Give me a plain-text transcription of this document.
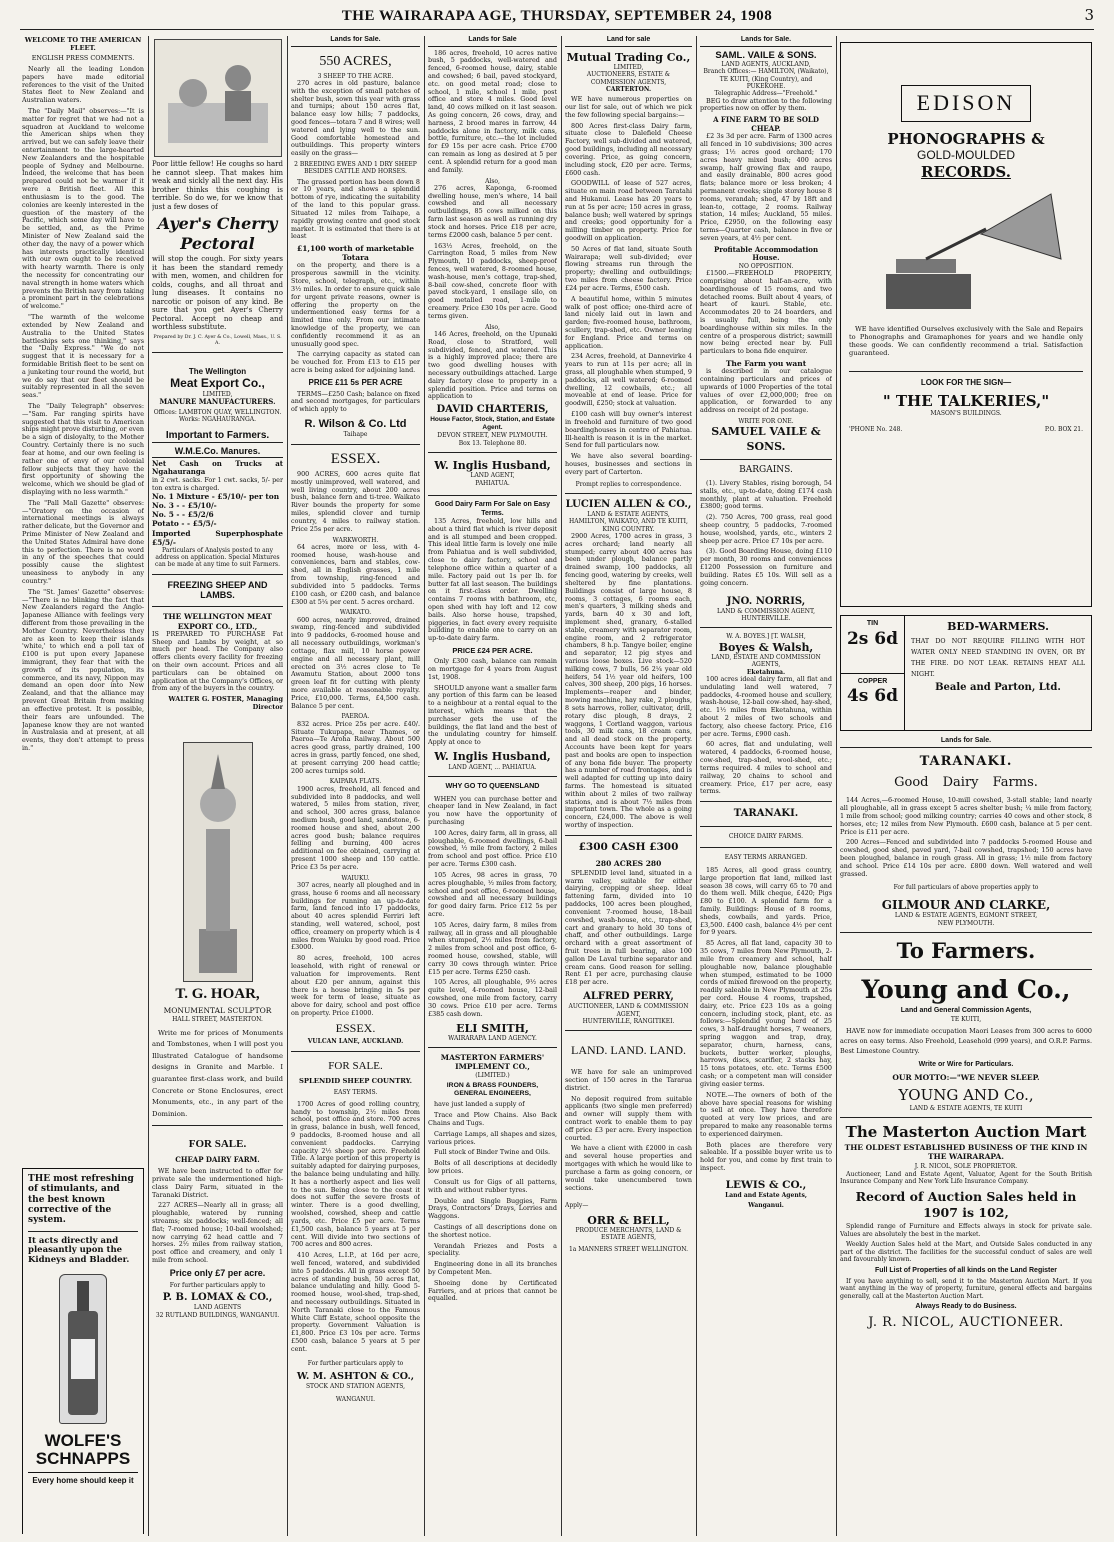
THE WAIRARAPA AGE, THURSDAY, SEPTEMBER 24, 1908	3
WELCOME TO THE AMERICAN FLEET.
ENGLISH PRESS COMMENTS.

Nearly all the leading London papers have made editorial references to the visit of the United States fleet to New Zealand and Australian waters.

The "Daily Mail" observes:—"It is matter for regret that we had not a squadron at Auckland to welcome the American ships when they arrived, but we can safely leave their entertainment to the large-hearted New Zealanders and the hospitable people of Sydney and Melbourne. Indeed, the welcome that has been prepared could not be warmer if it were a British fleet. All this enthusiasm is to the good. The colonies are keenly interested in the question of the mastery of the Pacific, which some day will have to be settled, and, as the Prime Minister of New Zealand said the other day, the navy of a power which has interests practically identical with our own ought to be received with hearty warmth. There is only the necessity for concentrating our naval strength in home waters which prevents the British navy from taking a prominent part in the celebrations of welcome."

"The warmth of the welcome extended by New Zealand and Australia to the United States battleships sets one thinking," says the "Daily Express." "We do not suggest that it is necessary for a formidable British fleet to be sent on a junketing tour round the world, but we do say that our fleet should be suitably represented in all the seven seas."

The "Daily Telegraph" observes:—"Sam. Far ranging spirits have suggested that this visit to American ships might prove disturbing, or even be a sign of disloyalty, to the Mother Country. Certainly there is no such fear at home, and our own feeling is rather one of envy of our colonial fellow subjects that they have the first opportunity of showing the welcome, which we should be glad of displaying with no less warmth."

The "Pall Mall Gazette" observes:—"Oratory on the occasion of international meetings is always rather delicate, but the Governor and Prime Minister of New Zealand and the United States Admiral have done this to perfection. There is no word in any of the speeches that could possibly cause the slightest uneasiness to anybody in any country."

The "St. James' Gazette" observes:—"There is no blinking the fact that New Zealanders regard the Anglo-Japanese Alliance with feelings very different from those prevailing in the Mother Country. Nevertheless they are as keen to keep their islands 'white,' to which end a poll tax of £100 is put upon every Japanese immigrant, they fear that with the growth of its population, its commerce, and its navy, Nippon may demand an open door into New Zealand, and that the alliance may prevent Great Britain from making an effective protest. It is possible, their fears are unfounded. The Japanese know they are not wanted in Australasia and at present, at all events, they don't attempt to press in."

THE most refreshing of stimulants, and the best known corrective of the system.
It acts directly and pleasantly upon the Kidneys and Bladder.
WOLFE'S SCHNAPPS
Every home should keep it

Poor little fellow! He coughs so hard he cannot sleep. That makes him weak and sickly all the next day. His brother thinks this coughing is terrible. So do we, for we know that just a few doses of

Ayer's Cherry Pectoral

will stop the cough. For sixty years it has been the standard remedy with men, women, and children for colds, coughs, and all throat and lung diseases. It contains no narcotic or poison of any kind. Be sure that you get Ayer's Cherry Pectoral. Accept no cheap and worthless substitute.

Prepared by Dr. J. C. Ayer & Co., Lowell, Mass., U. S. A.
The Wellington
Meat Export Co.,
LIMITED,
MANURE MANUFACTURERS.
Offices: LAMBTON QUAY, WELLINGTON. Works: NGAHAURANGA.
Important to Farmers.
W.M.E.Co. Manures.
Net Cash on Trucks at Ngahauranga
in 2 cwt. sacks. For 1 cwt. sacks, 5/- per ton extra is charged.
No. 1 Mixture - £5/10/- per ton
No. 3 - - £5/10/-
No. 5 - - £5/2/6
Potato - - £5/5/-
Imported Superphosphate £5/5/-
Particulars of Analysis posted to any address on application. Special Mixtures can be made at any time to suit Farmers.
FREEZING SHEEP AND LAMBS.
THE WELLINGTON MEAT EXPORT CO., LTD.,

IS PREPARED TO PURCHASE Fat Sheep and Lambs by weight, at so much per head. The Company also offers clients every facility for freezing on their own account. Prices and all particulars can be obtained on application at the Company's Offices, or from any of the buyers in the country.

WALTER G. FOSTER, Managing Director
T. G. HOAR,
MONUMENTAL SCULPTOR
HALL STREET, MASTERTON.

Write me for prices of Monuments and Tombstones, when I will post you Illustrated Catalogue of handsome designs in Granite and Marble. I guarantee first-class work, and build Concrete or Stone Enclosures, erect Monuments, etc., in any part of the Dominion.

FOR SALE.
CHEAP DAIRY FARM.

WE have been instructed to offer for private sale the undermentioned high-class Dairy Farm, situated in the Taranaki District.

227 ACRES—Nearly all in grass; all ploughable, watered by running streams; six paddocks; well-fenced; all flat; 7-roomed house; 10-bail woolshed; now carrying 62 head cattle and 7 horses. 2½ miles from railway station, post office and creamery, and only 1 mile from school.

Price only £7 per acre.
For further particulars apply to
P. B. LOMAX & CO.,
LAND AGENTS
32 RUTLAND BUILDINGS, WANGANUI.
Lands for Sale.
550 ACRES,
3 SHEEP TO THE ACRE.

270 acres in old pasture, balance with the exception of small patches of shelter bush, sown this year with grass and turnips; about 150 acres flat, balance easy low hills; 7 paddocks, good fences—totara 7 and 8 wires; well watered and lying well to the sun. Good comfortable homestead and outbuildings. This property winters easily on the grass—

2 BREEDING EWES AND 1 DRY SHEEP BESIDES CATTLE AND HORSES.

The grassed portion has been down 8 or 10 years, and shows a splendid bottom of rye, indicating the suitability of the land to this popular grass. Situated 12 miles from Taihape, a rapidly growing centre and good stock market. It is estimated that there is at least

£1,100 worth of marketable Totara

on the property, and there is a prosperous sawmill in the vicinity. Store, school, telegraph, etc., within 3½ miles. In order to ensure quick sale for urgent private reasons, owner is offering the property on the undermentioned easy terms for a limited time only. From our intimate knowledge of the property, we can confidently recommend it as an unusually good spec.

The carrying capacity as stated can be vouched for. From £13 to £15 per acre is being asked for adjoining land.

PRICE £11 5s PER ACRE

TERMS—£250 Cash; balance on fixed and second mortgages, for particulars of which apply to

R. Wilson & Co. Ltd
Taihape
ESSEX.

900 ACRES, 600 acres quite flat mostly unimproved, well watered, and well living country, about 200 acres bush, balance fern and ti-tree. Waikato River bounds the property for some miles, splendid clover and turnip country, 4 miles to railway station. Price 25s per acre.

WARKWORTH.

64 acres, more or less, with 4-roomed house, wash-house and conveniences, barn and stables, cow-shed, all in English grasses, 1 mile from township, ring-fenced and subdivided into 5 paddocks. Terms £100 cash, or £200 cash, and balance £300 at 5¼ per cent. 5 acres orchard.

WAIKATO.

600 acres, nearly improved, drained swamp, ring-fenced and subdivided into 9 paddocks, 6-roomed house and all necessary outbuildings, workman's cottage, flax mill, 10 horse power engine and all necessary plant, mill erected on 3½ acres close to Te Awamutu Station, about 2000 tons green leaf fit for cutting with plenty more available at reasonable royalty. Price, £10,000. Terms, £4,500 cash. Balance 5 per cent.

PAEROA.

832 acres. Price 25s per acre. £40/. Situate Tukupapa, near Thames, or Paeroa—Te Aroha Railway. About 500 acres good grass, partly drained, 100 acres in grass, partly fenced, one shed, at present carrying 200 head cattle; 200 acres turnips sold.

KAIPARA FLATS.

1900 acres, freehold, all fenced and subdivided into 8 paddocks, and well watered, 5 miles from station, river, and school, 300 acres grass, balance medium bush, good land, sandstone, 6-roomed house and shed, about 200 acres good bush; balance requires felling and burning, 400 acres additional on fee obtained, carrying at present 1000 sheep and 150 cattle. Price £3 5s per acre.

WAIUKU.

307 acres, nearly all ploughed and in grass, house 6 rooms and all necessary buildings for running an up-to-date farm, land fenced into 17 paddocks, about 40 acres splendid Ferriri left standing, well watered, school, post office, creamery on property which is 4 miles from Waiuku by good road. Price £3000.

80 acres, freehold, 100 acres leasehold, with right of renewal or valuation for improvements. Rent about £20 per annum, against this there is a house bringing in 5s per week for term of lease, situate as above for dairy, school and post office on property. Price £1000.

ESSEX.
VULCAN LANE, AUCKLAND.
FOR SALE.
SPLENDID SHEEP COUNTRY.
EASY TERMS.

1700 Acres of good rolling country, handy to township, 2½ miles from school, post office and store. 700 acres in grass, balance in bush, well fenced, 9 paddocks, 8-roomed house and all convenient paddocks. Carrying capacity 2½ sheep per acre. Freehold Title. A large portion of this property is suitably adapted for dairying purposes, the balance being undulating and hilly. It has a northerly aspect and lies well to the sun. Being close to the coast it does not suffer the severe frosts of winter. There is a good dwelling, woolshed, cowshed, sheep and cattle yards, etc. Price £5 per acre. Terms £1,500 cash, balance 5 years at 5 per cent. Will divide into two sections of 700 acres and 800 acres.

410 Acres, L.I.P., at 16d per acre, well fenced, watered, and subdivided into 5 paddocks. All in grass except 50 acres of standing bush, 50 acres flat, balance undulating and hilly. Good 5-roomed house, wool-shed, trap-shed, and necessary outbuildings. Situated in North Taranaki close to the Famous White Cliff Estate, school opposite the property. Government Valuation is £1,800. Price £3 10s per acre. Terms £500 cash, balance 5 years at 5 per cent.

For further particulars apply to
W. M. ASHTON & CO.,
STOCK AND STATION AGENTS,
WANGANUI.
Lands for Sale

186 acres, freehold, 10 acres native bush, 5 paddocks, well-watered and fenced, 6-roomed house, dairy, stable and cowshed; 6 bail, paved stockyard, etc. on good metal road; close to school, 1 mile, school 1 mile, post office and store 4 miles. Good level land, 40 cows milked on it last season. As going concern, 26 cows, dray, and harness, 2 brood mares in farrow, 44 paddocks alone in factory, milk cans, bottle, furniture, etc.—the lot included for £9 15s per acre cash. Price £700 can remain as long as desired at 5 per cent. A splendid return for a good man and family.

Also,

276 acres, Kaponga, 6-roomed dwelling house, men's where, 14 bail cowshed and all necessary outbuildings, 85 cows milked on this farm last season as well as running dry stock and horses. Price £18 per acre, terms £2000 cash, balance 5 per cent.

163½ Acres, freehold, on the Carrington Road, 5 miles from New Plymouth, 10 paddocks, sheep-proof fences, well watered, 8-roomed house, wash-house, men's cottage, trap-shed, 8-bail cow-shed, concrete floor with paved stock-yard, 1 ensilage silo, on good metalled road, 1-mile to creamery. Price £30 10s per acre. Good terms given.

Also,

146 Acres, freehold, on the Upunaki Road, close to Stratford, well subdivided, fenced, and watered. This is a highly improved place; there are two good dwelling houses with necessary outbuildings attached. Large dairy factory close to property in a splendid position. Price and terms on application to

DAVID CHARTERIS,
House Factor, Stock, Station, and Estate Agent.
DEVON STREET, NEW PLYMOUTH.
Box 13. Telephone 80.
W. Inglis Husband,
LAND AGENT,
PAHIATUA.
Good Dairy Farm For Sale on Easy Terms.

135 Acres, freehold, low hills and about a third flat which is river deposit and is all stumped and been cropped. This ideal little farm is lovely one mile from Pahiatua and is well subdivided, close to dairy factory, school and telephone office within a quarter of a mile. Factory paid out 1s per lb. for butter fat all last season. The buildings on it first-class order. Dwelling contains 7 rooms with bathroom, etc, open shed with hay loft and 12 cow bails. Also horse house, trapshed, piggeries, in fact every every requisite building to enable one to carry on an up-to-date dairy farm.

PRICE £24 PER ACRE.

Only £300 cash, balance can remain on mortgage for 4 years from August 1st, 1908.

SHOULD anyone want a smaller farm any portion of this farm can be leased to a neighbour at a rental equal to the interest, which means that the purchaser gets the use of the buildings, the flat land and the best of the undulating country for himself. Apply at once to

W. Inglis Husband,
LAND AGENT, ... PAHIATUA.
WHY GO TO QUEENSLAND

WHEN you can purchase better and cheaper land in New Zealand, in fact you now have the opportunity of purchasing

100 Acres, dairy farm, all in grass, all ploughable, 6-roomed dwellings, 6-bail cowshed, ½ mile from factory, 2 miles from school and post office. Price £10 per acre. Terms £300 cash.

105 Acres, 98 acres in grass, 70 acres ploughable, ½ miles from factory, school and post office, 6-roomed house, cowshed and all necessary buildings for good dairy farm. Price £12 5s per acre.

105 Acres, dairy farm, 8 miles from railway, all in grass and all ploughable when stumped, 2½ miles from factory, 2 miles from school and post office, 6-roomed house, cowshed, stable, will carry 30 cows through winter. Price £15 per acre. Terms £250 cash.

105 Acres, all ploughable, 9½ acres quite level, 4-roomed house, 12-bail cowshed, one mile from factory, carry 30 cows. Price £10 per acre. Terms £385 cash down.

ELI SMITH,
WAIRARAPA LAND AGENCY.
MASTERTON FARMERS' IMPLEMENT CO.,
(LIMITED.)
IRON & BRASS FOUNDERS,
GENERAL ENGINEERS,

have just landed a supply of

Trace and Plow Chains. Also Back Chains and Tugs.

Carriage Lamps, all shapes and sizes, various prices.

Full stock of Binder Twine and Oils.

Bolts of all descriptions at decidedly low prices.

Consult us for Gigs of all patterns, with and without rubber tyres.

Double and Single Buggies, Farm Drays, Contractors' Drays, Lorries and Waggons.

Castings of all descriptions done on the shortest notice.

Verandah Friezes and Posts a speciality.

Engineering done in all its branches by Competent Men.

Shoeing done by Certificated Farriers, and at prices that cannot be equalled.

Land for sale
Mutual Trading Co.,
LIMITED,
AUCTIONEERS, ESTATE & COMMISSION AGENTS,
CARTERTON.

WE have numerous properties on our list for sale, out of which we pick the few following special bargains:—

800 Acres first-class Dairy farm, situate close to Dalefield Cheese Factory, well sub-divided and watered, good buildings, including all necessary covering. Price, as going concern, including stock, £20 per acre. Terms, £600 cash.

GOODWILL of lease of 527 acres, situate on main road between Taratahi and Hukanui. Lease has 20 years to run at 5s per acre; 150 acres in grass, balance bush; well watered by springs and creeks; good opportunity for a milling timber on property. Price for goodwill on application.

50 Acres of flat land, situate South Wairarapa; well sub-divided; ever flowing streams run through the property; dwelling and outbuildings; two miles from cheese factory. Price £24 per acre. Terms, £500 cash.

A beautiful home, within 5 minutes walk of post office; one-third acre of land nicely laid out in lawn and garden; five-roomed house, bathroom, scullery, trap-shed, etc. Owner leaving for England. Price and terms on application.

234 Acres, freehold, at Dannevirke 4 years to run at 11s per acre; all in grass, all ploughable when stumped, 9 paddocks, all well watered; 6-roomed dwelling, 12 cowbails, etc.; all moveable at end of lease. Price for goodwill, £250; stock at valuation.

£100 cash will buy owner's interest in freehold and furniture of two good boardinghouses in centre of Pahiatua. Ill-health is reason it is in the market. Send for full particulars now.

We have also several boarding-houses, businesses and sections in every part of Carterton.

Prompt replies to correspondence.
LUCIEN ALLEN & CO.,
LAND & ESTATE AGENTS,
HAMILTON, WAIKATO, AND TE KUITI, KING COUNTRY.

2900 Acres, 1700 acres in grass, 3 acres orchard; land nearly all stumped; carry about 400 acres has been under plough, balance partly drained swamp, 100 paddocks, all fencing good, watering by creeks, well sheltered by fine plantations. Buildings consist of large house, 8 rooms, 3 cottages, 6 rooms each, men's quarters, 3 milking sheds and yards, barn 40 x 30 and loft, implement shed, granary, 6-stalled stable, creamery with separator room, engine room, and 2 refrigerator chambers, 8 h.p. Tangye boiler, engine and separator, 12 pig styes and various loose boxes. Live stock—520 milking cows, 7 bulls, 56 2¼ year old heifers, 54 1½ year old heifers, 100 calves, 300 sheep, 200 pigs, 16 horses. Implements—reaper and binder, mowing machine, hay rake, 2 ploughs, 8 sets harrows, roller, cultivator, drill, rotary disc plough, 8 drays, 2 waggons, 1 Cortland waggon, various tools, 30 milk cans, 18 cream cans, and all dead stock on the property. Accounts have been kept for years past and books are open to inspection of any bona fide buyer. The property has a number of road frontages, and is well adapted for cutting up into dairy farms. The homestead is situated within about 2 miles of two railway stations, and is about 7½ miles from important town. The whole as a going concern, £24,000. The above is well worthy of inspection.

£300 CASH £300
280 ACRES 280

SPLENDID level land, situated in a warm valley, suitable for either dairying, cropping or sheep. Ideal fattening farm, divided into 10 paddocks, 100 acres been ploughed, convenient 7-roomed house, 18-bail cowshed, wash-house, etc., trap-shed, cart and granary to hold 30 tons of chaff, and other outbuildings. Large orchard with a great assortment of fruit trees in full bearing, also 100 gallon De Laval turbine separator and cream cans. Good reason for selling. Rent £1 per acre, purchasing clause £18 per acre.

ALFRED PERRY,
AUCTIONEER, LAND & COMMISSION AGENT,
HUNTERVILLE, RANGITIKEI.
LAND. LAND. LAND.

WE have for sale an unimproved section of 150 acres in the Tararua district.

No deposit required from suitable applicants (two single men preferred) and owner will supply them with contract work to enable them to pay off price £3 per acre. Every inspection courted.

We have a client with £2000 in cash and several house properties and mortgages with which he would like to purchase a farm as going concern, or would take unencumbered town sections.

Apply—
ORR & BELL,
PRODUCE MERCHANTS, LAND & ESTATE AGENTS,
1a MANNERS STREET WELLINGTON.
Lands for Sale.
SAML. VAILE & SONS.
LAND AGENTS, AUCKLAND,
Branch Offices:— HAMILTON, (Waikato), TE KUITI, (King Country), and PUKEKOHE.
Telegraphic Address—"Freehold."

BEG to draw attention to the following properties now on offer by them.

A FINE FARM TO BE SOLD CHEAP.

£2 3s 3d per acre. Farm of 1300 acres all fenced in 10 subdivisions; 300 acres grass; 1½ acres good orchard; 170 acres heavy mixed bush; 400 acres swamp, half growing flax and raupo, and easily drainable, 800 acres good flats; balance more or less broken; 4 permanent creeks; single storey house 8 rooms, verandah; shed, 47 by 18ft and lean-to, cottage, 2 rooms. Railway station, 14 miles; Auckland, 55 miles. Price, £2950, on the following easy terms—Quarter cash, balance in five or seven years, at 4½ per cent.

Profitable Accommodation House.
NO OPPOSITION.

£1500.—FREEHOLD PROPERTY, comprising about half-an-acre, with boardinghouse of 15 rooms, and two detached rooms. Built about 4 years, of heart of kauri. Stable, etc. Accommodates 20 to 24 boarders, and is usually full, being the only boardinghouse within six miles. In the centre of a prosperous district; sawmill now being erected near by. Full particulars to bona fide enquirer.

The Farm you want

is described in our catalogue containing particulars and prices of upwards of 1000 Properties of the total values of over £2,000,000; free on application, or forwarded to any address on receipt of 2d postage.

WRITE FOR ONE.
SAMUEL VAILE & SONS.
BARGAINS.

(1). Livery Stables, rising borough, 54 stalls, etc., up-to-date, doing £174 cash monthly, plant at valuation. Freehold £3800; good terms.

(2). 750 Acres, 700 grass, real good sheep country, 5 paddocks, 7-roomed house, woolshed, yards, etc., winters 2 sheep per acre. Price £7 10s per acre.

(3). Good Boarding House, doing £110 per month, 30 rooms and conveniences £1200 Possession on furniture and building. Rates £5 10s. Will sell as a going concern.

JNO. NORRIS,
LAND & COMMISSION AGENT,
HUNTERVILLE.
W. A. BOYES.] [T. WALSH,
Boyes & Walsh,
LAND, ESTATE AND COMMISSION AGENTS,
Eketahuna.

100 acres ideal dairy farm, all flat and undulating land well watered, 7 paddocks, 4-roomed house and scullery, wash-house, 12-bail cow-shed, hay-shed, etc. 1½ miles from Eketahuna, within about 2 miles of two schools and factory, also cheese factory. Price, £16 per acre. Terms, £900 cash.

60 acres, flat and undulating, well watered, 4 paddocks, 6-roomed house, cow-shed, trap-shed, wool-shed, etc.; terms required. 4 miles to school and railway, 20 chains to school and creamery. Price, £17 per acre, easy terms.

TARANAKI.
CHOICE DAIRY FARMS.
EASY TERMS ARRANGED.

185 Acres, all good grass country, large proportion flat land, milked last season 38 cows, will carry 65 to 70 and do them well. Milk cheque, £420; Pigs £80 to £100. A splendid farm for a family. Buildings: House of 8 rooms, sheds, cowbails, and yards. Price, £3,500. £400 cash, balance 4½ per cent for 9 years.

85 Acres, all flat land, capacity 30 to 35 cows, 7 miles from New Plymouth, 2-mile from creamery and school, half ploughable now, balance ploughable when stumped, estimated to be 1000 cords of mixed firewood on the property, readily saleable in New Plymouth at 25s per cord. House 4 rooms, trapshed, dairy, etc. Price £23 10s as a going concern, including stock, plant, etc. as follows:—Splendid young herd of 25 cows, 3 half-draught horses, 7 weaners, spring waggon and trap, dray, separator, churn, harness, cans, buckets, butter worker, ploughs, harrows, discs, scarifier, 2 stacks hay, 15 tons potatoes, etc. etc. Terms £500 cash; or a competent man will consider giving easier terms.

NOTE.—The owners of both of the above have special reasons for wishing to sell at once. They have therefore quoted at very low prices, and are prepared to make any reasonable terms to experienced dairymen.

Both places are therefore very saleable. If a possible buyer write us to hold for you, and come by first train to inspect.

LEWIS & CO.,
Land and Estate Agents,
Wanganui.
EDISON
PHONOGRAPHS &
GOLD-MOULDED
RECORDS.

WE have identified Ourselves exclusively with the Sale and Repairs to Phonographs and Gramaphones for years and we handle only these goods. We can confidently recommend a trial. Satisfaction guaranteed.

LOOK FOR THE SIGN—
" THE TALKERIES,"
MASON'S BUILDINGS.
'PHONE No. 248.	P.O. BOX 21.
TIN
2s 6d
COPPER
4s 6d
BED-WARMERS.
THAT DO NOT REQUIRE FILLING WITH HOT WATER ONLY NEED STANDING IN OVEN, OR BY THE FIRE. DO NOT LEAK. RETAINS HEAT ALL NIGHT.
Beale and Parton, Ltd.
Lands for Sale.
TARANAKI.
Good Dairy Farms.

144 Acres,—6-roomed House, 10-mill cowshed, 3-stall stable; land nearly all ploughable, all in grass except 5 acres shelter bush; ¼ mile from factory, 1 mile from school; good milking country; carries 40 cows and other stock, 8 horses, etc; 12 miles from New Plymouth. £600 cash, balance at 5 per cent. Price is £11 per acre.

200 Acres—Fenced and subdivided into 7 paddocks 5-roomed House and cowshed, good shed, paved yard, 7-bail cowshed, trapshed; 150 acres have been ploughed, balance in rough grass. All in grass; 1½ mile from factory and school. Price £14 10s per acre. £800 down. Well watered and well grassed.

For full particulars of above properties apply to
GILMOUR AND CLARKE,
LAND & ESTATE AGENTS, EGMONT STREET,
NEW PLYMOUTH.
To Farmers.
Young and Co.,
Land and General Commission Agents,
TE KUITI,

HAVE now for immediate occupation Maori Leases from 300 acres to 6000 acres on easy terms. Also Freehold, Leasehold (999 years), and O.R.P. Farms. Best Limestone Country.

Write or Wire for Particulars.
OUR MOTTO:—"WE NEVER SLEEP.
YOUNG AND Co.,
LAND & ESTATE AGENTS, TE KUITI
The Masterton Auction Mart
THE OLDEST ESTABLISHED BUSINESS OF THE KIND IN THE WAIRARAPA.
J. R. NICOL, SOLE PROPRIETOR.

Auctioneer, Land and Estate Agent, Valuator, Agent for the South British Insurance Company and New York Life Insurance Company.

Record of Auction Sales held in 1907 is 102,

Splendid range of Furniture and Effects always in stock for private sale. Values are absolutely the best in the market.

Weekly Auction Sales held at the Mart, and Outside Sales conducted in any part of the district. The facilities for the successful conduct of sales are well and favourably known.

Full List of Properties of all kinds on the Land Register

If you have anything to sell, send it to the Masterton Auction Mart. If you want anything in the way of property, furniture, general effects and bargains generally, call at the Masterton Auction Mart.

Always Ready to do Business.
J. R. NICOL, AUCTIONEER.
